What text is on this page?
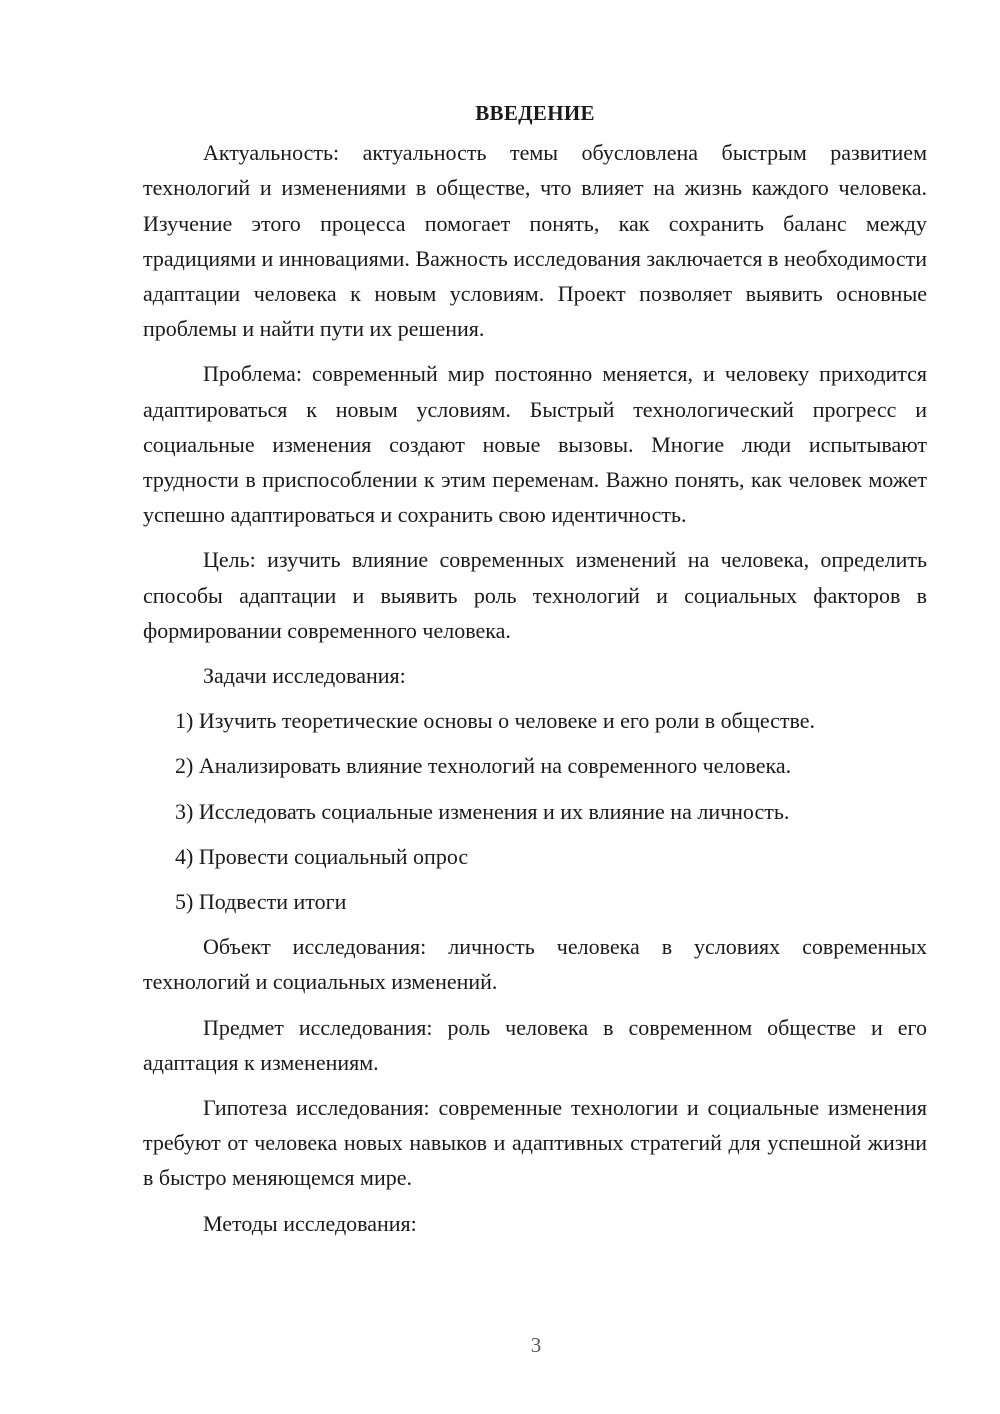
ВВЕДЕНИЕ

Актуальность: актуальность темы обусловлена быстрым развитием технологий и изменениями в обществе, что влияет на жизнь каждого человека. Изучение этого процесса помогает понять, как сохранить баланс между традициями и инновациями. Важность исследования заключается в необходимости адаптации человека к новым условиям. Проект позволяет выявить основные проблемы и найти пути их решения.

Проблема: современный мир постоянно меняется, и человеку приходится адаптироваться к новым условиям. Быстрый технологический прогресс и социальные изменения создают новые вызовы. Многие люди испытывают трудности в приспособлении к этим переменам. Важно понять, как человек может успешно адаптироваться и сохранить свою идентичность.

Цель: изучить влияние современных изменений на человека, определить способы адаптации и выявить роль технологий и социальных факторов в формировании современного человека.

Задачи исследования:

1) Изучить теоретические основы о человеке и его роли в обществе.

2) Анализировать влияние технологий на современного человека.

3) Исследовать социальные изменения и их влияние на личность.

4) Провести социальный опрос

5) Подвести итоги

Объект исследования: личность человека в условиях современных технологий и социальных изменений.

Предмет исследования: роль человека в современном обществе и его адаптация к изменениям.

Гипотеза исследования: современные технологии и социальные изменения требуют от человека новых навыков и адаптивных стратегий для успешной жизни в быстро меняющемся мире.

Методы исследования:

3
